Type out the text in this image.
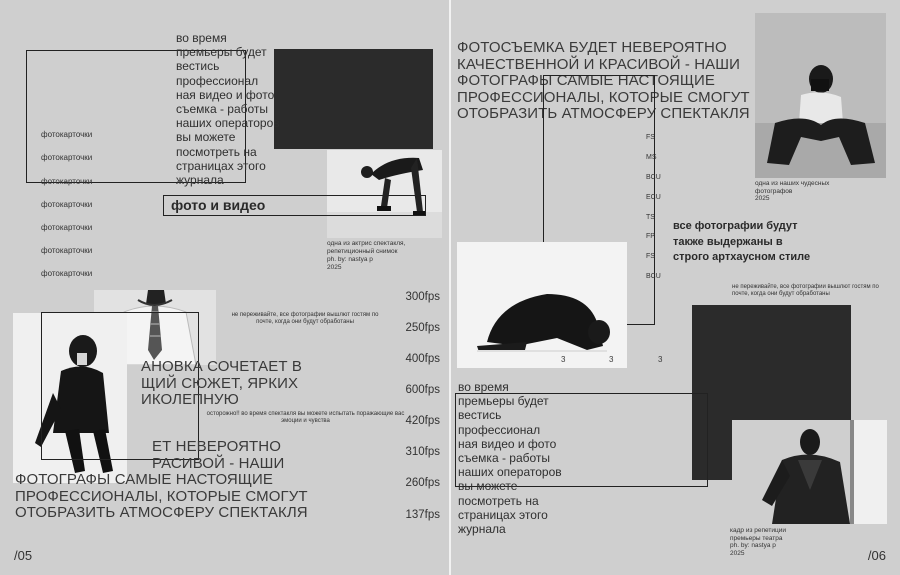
во время
премьеры будет
вестись
профессионал
ная видео и фото
съемка - работы
наших операторов
вы можете
посмотреть на
страницах этого
журнала
фотокарточки
фотокарточки
фотокарточки
фотокарточки
фотокарточки
фотокарточки
фотокарточки
фото и видео
одна из актрис спектакля,
репетиционный снимок
ph. by: nastya p
2025
300fps
250fps
400fps
600fps
420fps
310fps
260fps
137fps
не переживайте, все фотографии вышлют гостям по почте, когда они будут обработаны
АНОВКА СОЧЕТАЕТ В
ЩИЙ СЮЖЕТ, ЯРКИХ
ИКОЛЕПНУЮ
осторожно!! во время спектакля вы можете испытать поражающие вас эмоции и чувства
ЕТ НЕВЕРОЯТНО
РАСИВОЙ - НАШИ
ФОТОГРАФЫ САМЫЕ НАСТОЯЩИЕ
ПРОФЕССИОНАЛЫ, КОТОРЫЕ СМОГУТ
ОТОБРАЗИТЬ АТМОСФЕРУ СПЕКТАКЛЯ
/05
ФОТОСЪЕМКА БУДЕТ НЕВЕРОЯТНО
КАЧЕСТВЕННОЙ И КРАСИВОЙ - НАШИ
ФОТОГРАФЫ САМЫЕ НАСТОЯЩИЕ
ПРОФЕССИОНАЛЫ, КОТОРЫЕ СМОГУТ
ОТОБРАЗИТЬ АТМОСФЕРУ СПЕКТАКЛЯ
FS
MS
BCU
ECU
TS
FP
FS
BCU
одна из наших чудесных
фотографов
2025
все фотографии будут
также выдержаны в
строго артхаусном стиле
3	3	3
не переживайте, все фотографии вышлют гостям по почте, когда они будут обработаны
во время
премьеры будет
вестись
профессионал
ная видео и фото
съемка - работы
наших операторов
вы можете
посмотреть на
страницах этого
журнала	кадр из репетиции
премьеры театра
ph. by: nastya p
2025	/06
